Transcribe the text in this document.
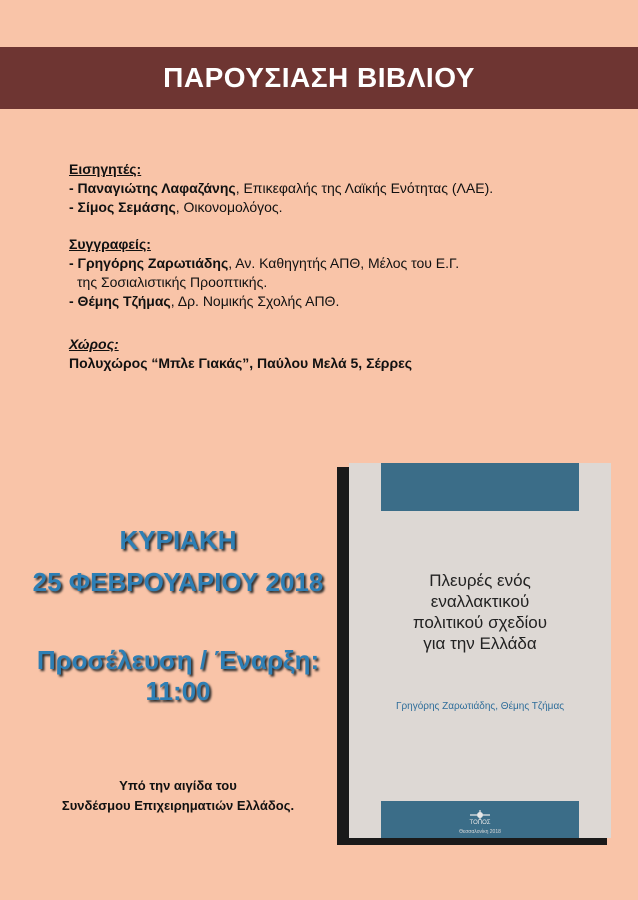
ΠΑΡΟΥΣΙΑΣΗ ΒΙΒΛΙΟΥ
Εισηγητές:
- Παναγιώτης Λαφαζάνης, Επικεφαλής της Λαϊκής Ενότητας (ΛΑΕ).
- Σίμος Σεμάσης, Οικονομολόγος.
Συγγραφείς:
- Γρηγόρης Ζαρωτιάδης, Αν. Καθηγητής ΑΠΘ, Μέλος του Ε.Γ.
της Σοσιαλιστικής Προοπτικής.
- Θέμης Τζήμας, Δρ. Νομικής Σχολής ΑΠΘ.
Χώρος:
Πολυχώρος “Μπλε Γιακάς”, Παύλου Μελά 5, Σέρρες
ΚΥΡΙΑΚΗ
25 ΦΕΒΡΟΥΑΡΙΟΥ 2018
Προσέλευση / Έναρξη:
11:00
Υπό την αιγίδα του
Συνδέσμου Επιχειρηματιών Ελλάδος.
Πλευρές ενός
εναλλακτικού
πολιτικού σχεδίου
για την Ελλάδα
Γρηγόρης Ζαρωτιάδης, Θέμης Τζήμας
ΤΟΠΟΣ
Θεσσαλονίκη 2018
